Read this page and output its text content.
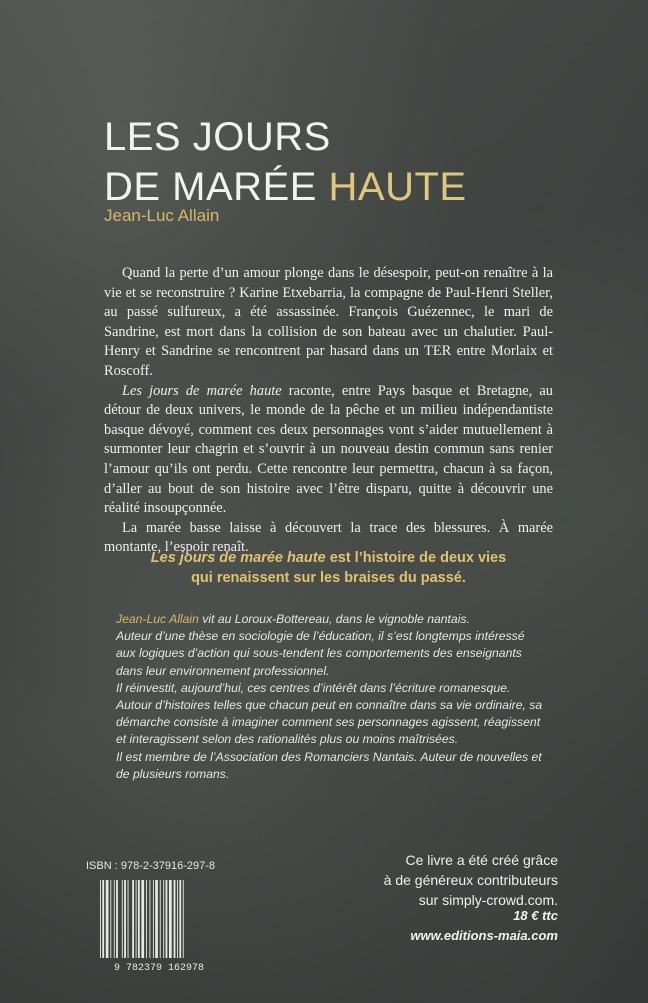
LES JOURS
DE MARÉE HAUTE
Jean-Luc Allain

Quand la perte d’un amour plonge dans le désespoir, peut-on renaître à la vie et se reconstruire ? Karine Etxebarria, la compagne de Paul-Henri Steller, au passé sulfureux, a été assassinée. François Guézennec, le mari de Sandrine, est mort dans la collision de son bateau avec un chalutier. Paul-Henry et Sandrine se rencontrent par hasard dans un TER entre Morlaix et Roscoff.

Les jours de marée haute raconte, entre Pays basque et Bretagne, au détour de deux univers, le monde de la pêche et un milieu indépendantiste basque dévoyé, comment ces deux personnages vont s’aider mutuellement à surmonter leur chagrin et s’ouvrir à un nouveau destin commun sans renier l’amour qu’ils ont perdu. Cette rencontre leur permettra, chacun à sa façon, d’aller au bout de son histoire avec l’être disparu, quitte à découvrir une réalité insoupçonnée.

La marée basse laisse à découvert la trace des blessures. À marée montante, l’espoir renaît.

Les jours de marée haute est l’histoire de deux vies
qui renaissent sur les braises du passé.

Jean-Luc Allain vit au Loroux-Bottereau, dans le vignoble nantais.

Auteur d’une thèse en sociologie de l’éducation, il s’est longtemps intéressé aux logiques d’action qui sous-tendent les comportements des enseignants dans leur environnement professionnel.

Il réinvestit, aujourd’hui, ces centres d’intérêt dans l’écriture romanesque. Autour d’histoires telles que chacun peut en connaître dans sa vie ordinaire, sa démarche consiste à imaginer comment ses personnages agissent, réagissent et interagissent selon des rationalités plus ou moins maîtrisées.

Il est membre de l’Association des Romanciers Nantais. Auteur de nouvelles et de plusieurs romans.

ISBN : 978-2-37916-297-8
9 782379 162978
Ce livre a été créé grâce
à de généreux contributeurs
sur simply-crowd.com.
18 € ttc
www.editions-maia.com
